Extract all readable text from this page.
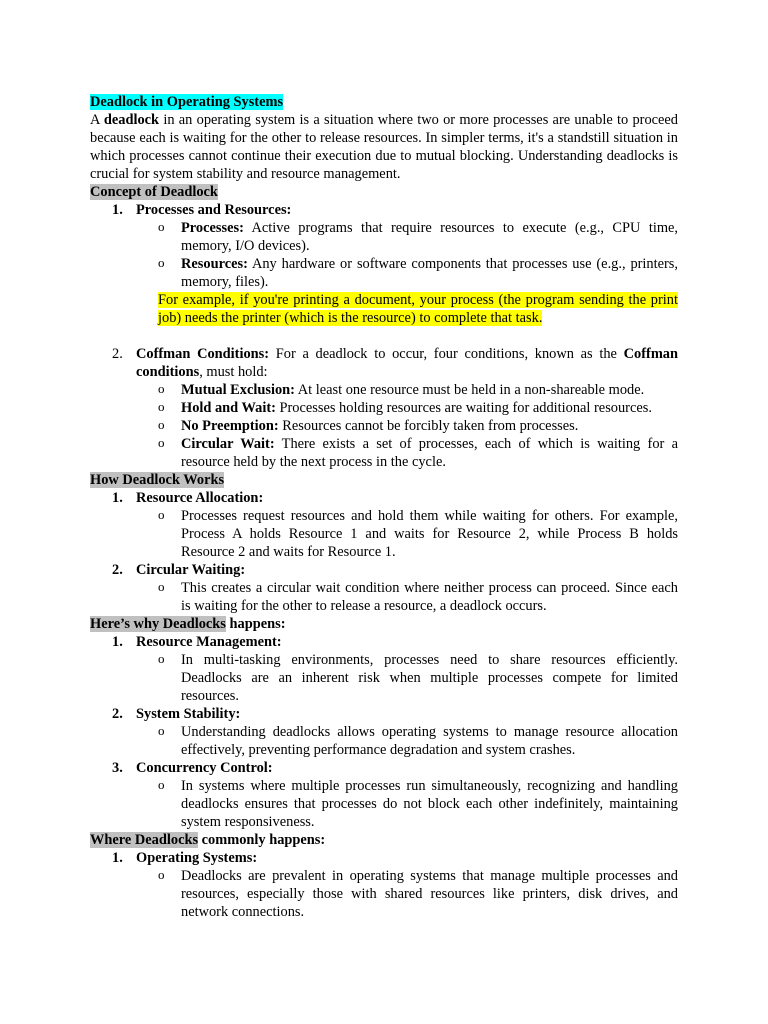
Deadlock in Operating Systems

A deadlock in an operating system is a situation where two or more processes are unable to proceed because each is waiting for the other to release resources. In simpler terms, it's a standstill situation in which processes cannot continue their execution due to mutual blocking. Understanding deadlocks is crucial for system stability and resource management.

Concept of Deadlock

1. Processes and Resources:
o Processes: Active programs that require resources to execute (e.g., CPU time, memory, I/O devices).
o Resources: Any hardware or software components that processes use (e.g., printers, memory, files).

For example, if you're printing a document, your process (the program sending the print job) needs the printer (which is the resource) to complete that task.

2. Coffman Conditions: For a deadlock to occur, four conditions, known as the Coffman conditions, must hold:
o Mutual Exclusion: At least one resource must be held in a non-shareable mode.
o Hold and Wait: Processes holding resources are waiting for additional resources.
o No Preemption: Resources cannot be forcibly taken from processes.
o Circular Wait: There exists a set of processes, each of which is waiting for a resource held by the next process in the cycle.

How Deadlock Works

1. Resource Allocation:
o Processes request resources and hold them while waiting for others. For example, Process A holds Resource 1 and waits for Resource 2, while Process B holds Resource 2 and waits for Resource 1.
2. Circular Waiting:
o This creates a circular wait condition where neither process can proceed. Since each is waiting for the other to release a resource, a deadlock occurs.

Here’s why Deadlocks happens:

1. Resource Management:
o In multi-tasking environments, processes need to share resources efficiently. Deadlocks are an inherent risk when multiple processes compete for limited resources.
2. System Stability:
o Understanding deadlocks allows operating systems to manage resource allocation effectively, preventing performance degradation and system crashes.
3. Concurrency Control:
o In systems where multiple processes run simultaneously, recognizing and handling deadlocks ensures that processes do not block each other indefinitely, maintaining system responsiveness.

Where Deadlocks commonly happens:

1. Operating Systems:
o Deadlocks are prevalent in operating systems that manage multiple processes and resources, especially those with shared resources like printers, disk drives, and network connections.
